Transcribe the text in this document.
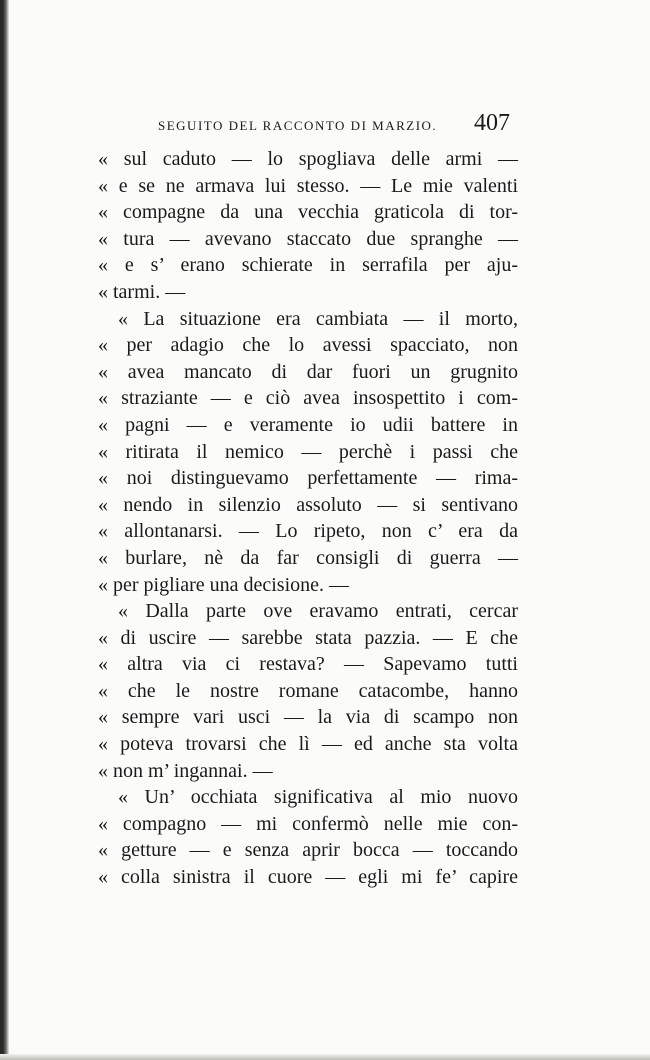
SEGUITO DEL RACCONTO DI MARZIO. 407
« sul caduto — lo spogliava delle armi —
« e se ne armava lui stesso. — Le mie valenti
« compagne da una vecchia graticola di tor-
« tura — avevano staccato due spranghe —
« e s’ erano schierate in serrafila per aju-
« tarmi. —
« La situazione era cambiata — il morto,
« per adagio che lo avessi spacciato, non
« avea mancato di dar fuori un grugnito
« straziante — e ciò avea insospettito i com-
« pagni — e veramente io udii battere in
« ritirata il nemico — perchè i passi che
« noi distinguevamo perfettamente — rima-
« nendo in silenzio assoluto — si sentivano
« allontanarsi. — Lo ripeto, non c’ era da
« burlare, nè da far consigli di guerra —
« per pigliare una decisione. —
« Dalla parte ove eravamo entrati, cercar
« di uscire — sarebbe stata pazzia. — E che
« altra via ci restava? — Sapevamo tutti
« che le nostre romane catacombe, hanno
« sempre vari usci — la via di scampo non
« poteva trovarsi che lì — ed anche sta volta
« non m’ ingannai. —
« Un’ occhiata significativa al mio nuovo
« compagno — mi confermò nelle mie con-
« getture — e senza aprir bocca — toccando
« colla sinistra il cuore — egli mi fe’ capire
